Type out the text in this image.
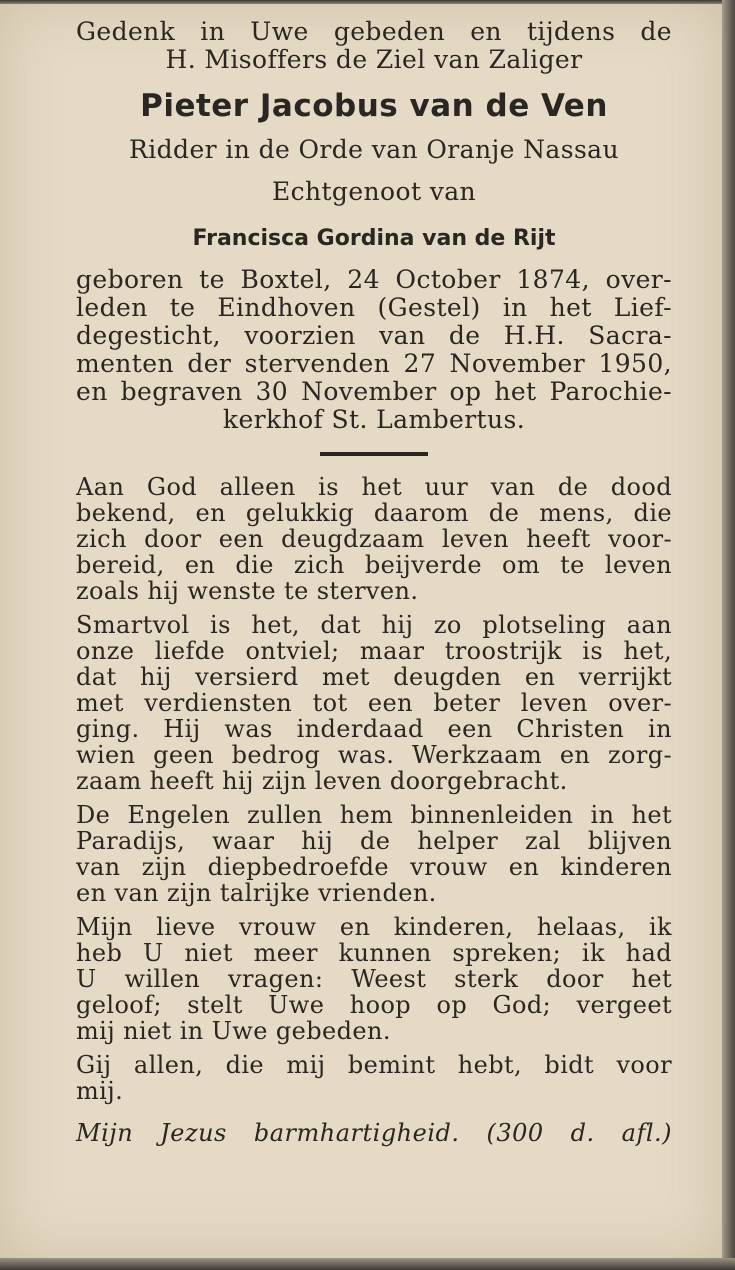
Gedenk in Uwe gebeden en tijdens de

H. Misoffers de Ziel van Zaliger

Pieter Jacobus van de Ven

Ridder in de Orde van Oranje Nassau

Echtgenoot van

Francisca Gordina van de Rijt

geboren te Boxtel, 24 October 1874, over-

leden te Eindhoven (Gestel) in het Lief-

degesticht, voorzien van de H.H. Sacra-

menten der stervenden 27 November 1950,

en begraven 30 November op het Parochie-

kerkhof St. Lambertus.

Aan God alleen is het uur van de dood

bekend, en gelukkig daarom de mens, die

zich door een deugdzaam leven heeft voor-

bereid, en die zich beijverde om te leven

zoals hij wenste te sterven.

Smartvol is het, dat hij zo plotseling aan

onze liefde ontviel; maar troostrijk is het,

dat hij versierd met deugden en verrijkt

met verdiensten tot een beter leven over-

ging. Hij was inderdaad een Christen in

wien geen bedrog was. Werkzaam en zorg-

zaam heeft hij zijn leven doorgebracht.

De Engelen zullen hem binnenleiden in het

Paradijs, waar hij de helper zal blijven

van zijn diepbedroefde vrouw en kinderen

en van zijn talrijke vrienden.

Mijn lieve vrouw en kinderen, helaas, ik

heb U niet meer kunnen spreken; ik had

U willen vragen: Weest sterk door het

geloof; stelt Uwe hoop op God; vergeet

mij niet in Uwe gebeden.

Gij allen, die mij bemint hebt, bidt voor

mij.

Mijn Jezus barmhartigheid. (300 d. afl.)
